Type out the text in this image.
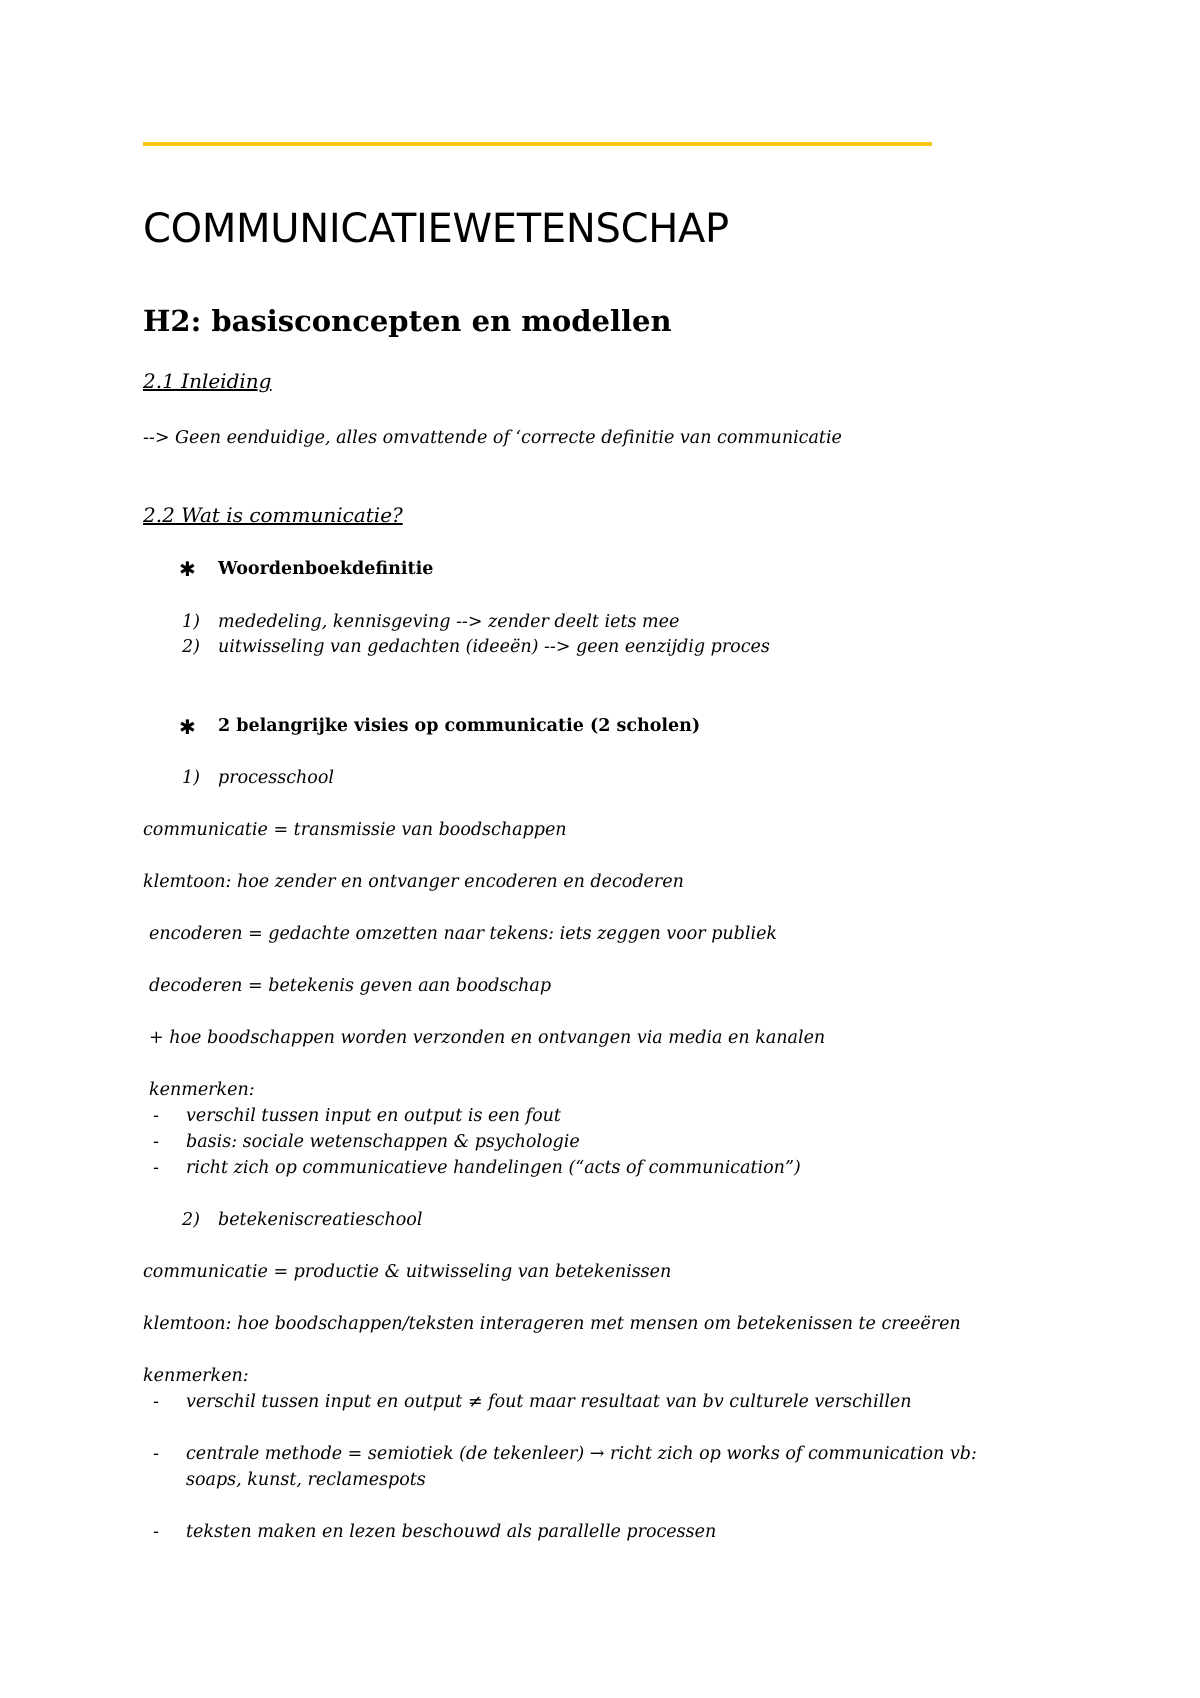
COMMUNICATIEWETENSCHAP
H2: basisconcepten en modellen
2.1 Inleiding
--> Geen eenduidige, alles omvattende of ‘correcte definitie van communicatie
2.2 Wat is communicatie?
✱ Woordenboekdefinitie
1) mededeling, kennisgeving --> zender deelt iets mee
2) uitwisseling van gedachten (ideeën) --> geen eenzijdig proces
✱ 2 belangrijke visies op communicatie (2 scholen)
1) processchool
communicatie = transmissie van boodschappen
klemtoon: hoe zender en ontvanger encoderen en decoderen
encoderen = gedachte omzetten naar tekens: iets zeggen voor publiek
decoderen = betekenis geven aan boodschap
+ hoe boodschappen worden verzonden en ontvangen via media en kanalen
kenmerken:
- verschil tussen input en output is een fout
- basis: sociale wetenschappen & psychologie
- richt zich op communicatieve handelingen (“acts of communication”)
2) betekeniscreatieschool
communicatie = productie & uitwisseling van betekenissen
klemtoon: hoe boodschappen/teksten interageren met mensen om betekenissen te creeëren
kenmerken:
- verschil tussen input en output ≠ fout maar resultaat van bv culturele verschillen
- centrale methode = semiotiek (de tekenleer) → richt zich op works of communication vb:
soaps, kunst, reclamespots
- teksten maken en lezen beschouwd als parallelle processen
